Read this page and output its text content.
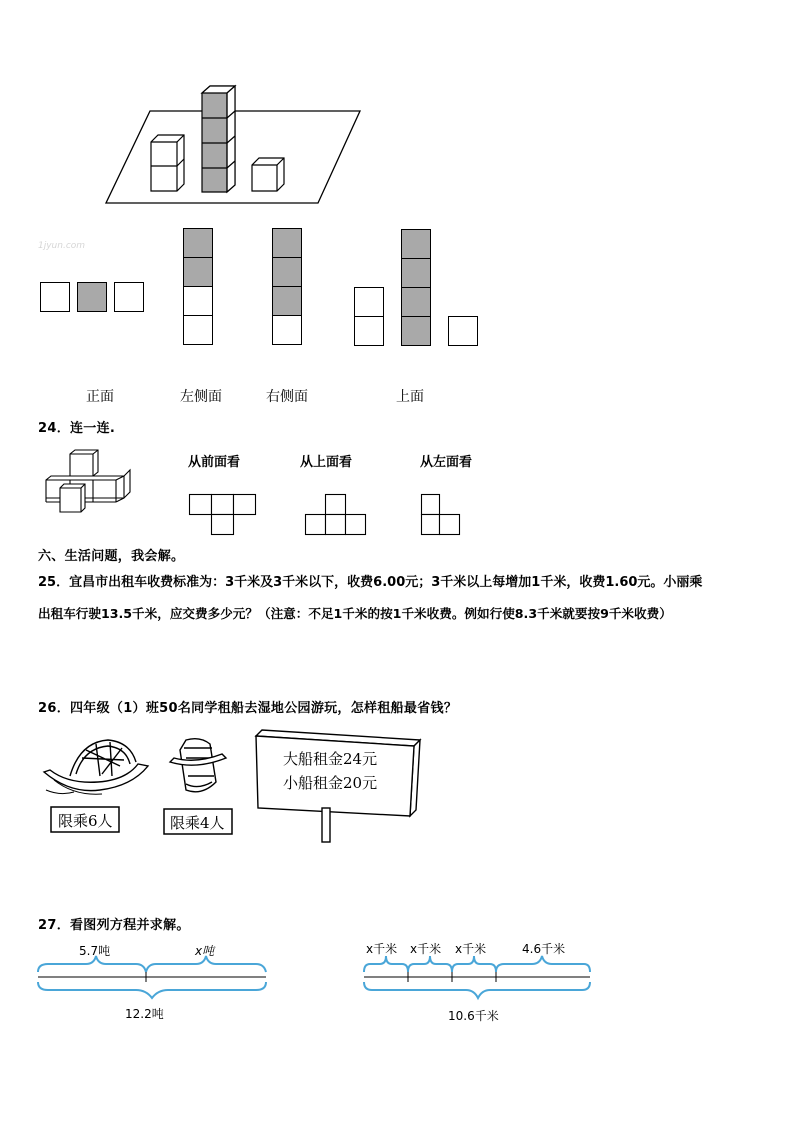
1jyun.com
正面	左侧面	右侧面	上面
24．连一连.
从前面看	从上面看	从左面看
六、生活问题，我会解。
25．宜昌市出租车收费标准为：3千米及3千米以下，收费6.00元；3千米以上每增加1千米，收费1.60元。小丽乘
出租车行驶13.5千米，应交费多少元？（注意：不足1千米的按1千米收费。例如行使8.3千米就要按9千米收费）
26．四年级（1）班50名同学租船去湿地公园游玩，怎样租船最省钱？
限乘6人	限乘4人
大船租金24元
小船租金20元
27．看图列方程并求解。
5.7吨	x吨
12.2吨
x千米 x千米 x千米	4.6千米
10.6千米
